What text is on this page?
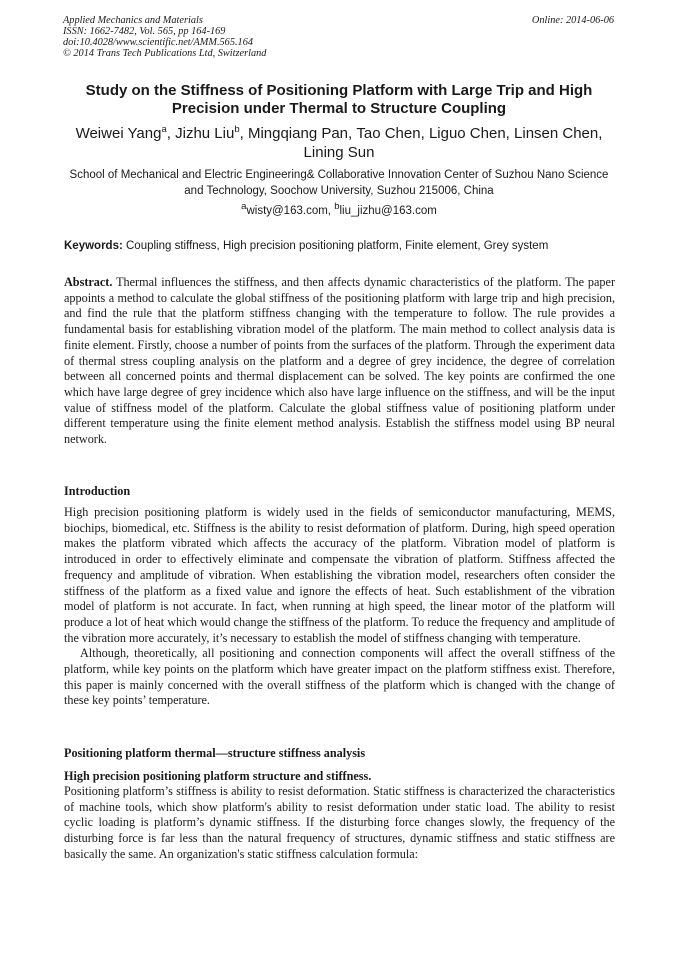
Applied Mechanics and Materials
ISSN: 1662-7482, Vol. 565, pp 164-169
doi:10.4028/www.scientific.net/AMM.565.164
© 2014 Trans Tech Publications Ltd, Switzerland
Online: 2014-06-06
Study on the Stiffness of Positioning Platform with Large Trip and High Precision under Thermal to Structure Coupling
Weiwei Yang$^a$, Jizhu Liu$^b$, Mingqiang Pan, Tao Chen, Liguo Chen, Linsen Chen, Lining Sun
School of Mechanical and Electric Engineering& Collaborative Innovation Center of Suzhou Nano Science and Technology, Soochow University, Suzhou 215006, China
$^a$wisty@163.com, $^b$liu_jizhu@163.com
Keywords: Coupling stiffness, High precision positioning platform, Finite element, Grey system

Abstract. Thermal influences the stiffness, and then affects dynamic characteristics of the platform. The paper appoints a method to calculate the global stiffness of the positioning platform with large trip and high precision, and find the rule that the platform stiffness changing with the temperature to follow. The rule provides a fundamental basis for establishing vibration model of the platform. The main method to collect analysis data is finite element. Firstly, choose a number of points from the surfaces of the platform. Through the experiment data of thermal stress coupling analysis on the platform and a degree of grey incidence, the degree of correlation between all concerned points and thermal displacement can be solved. The key points are confirmed the one which have large degree of grey incidence which also have large influence on the stiffness, and will be the input value of stiffness model of the platform. Calculate the global stiffness value of positioning platform under different temperature using the finite element method analysis. Establish the stiffness model using BP neural network.

Introduction

High precision positioning platform is widely used in the fields of semiconductor manufacturing, MEMS, biochips, biomedical, etc. Stiffness is the ability to resist deformation of platform. During, high speed operation makes the platform vibrated which affects the accuracy of the platform. Vibration model of platform is introduced in order to effectively eliminate and compensate the vibration of platform. Stiffness affected the frequency and amplitude of vibration. When establishing the vibration model, researchers often consider the stiffness of the platform as a fixed value and ignore the effects of heat. Such establishment of the vibration model of platform is not accurate. In fact, when running at high speed, the linear motor of the platform will produce a lot of heat which would change the stiffness of the platform. To reduce the frequency and amplitude of the vibration more accurately, it’s necessary to establish the model of stiffness changing with temperature.

Although, theoretically, all positioning and connection components will affect the overall stiffness of the platform, while key points on the platform which have greater impact on the platform stiffness exist. Therefore, this paper is mainly concerned with the overall stiffness of the platform which is changed with the change of these key points’ temperature.

Positioning platform thermal—structure stiffness analysis
High precision positioning platform structure and stiffness.

Positioning platform’s stiffness is ability to resist deformation. Static stiffness is characterized the characteristics of machine tools, which show platform's ability to resist deformation under static load. The ability to resist cyclic loading is platform’s dynamic stiffness. If the disturbing force changes slowly, the frequency of the disturbing force is far less than the natural frequency of structures, dynamic stiffness and static stiffness are basically the same. An organization's static stiffness calculation formula:
